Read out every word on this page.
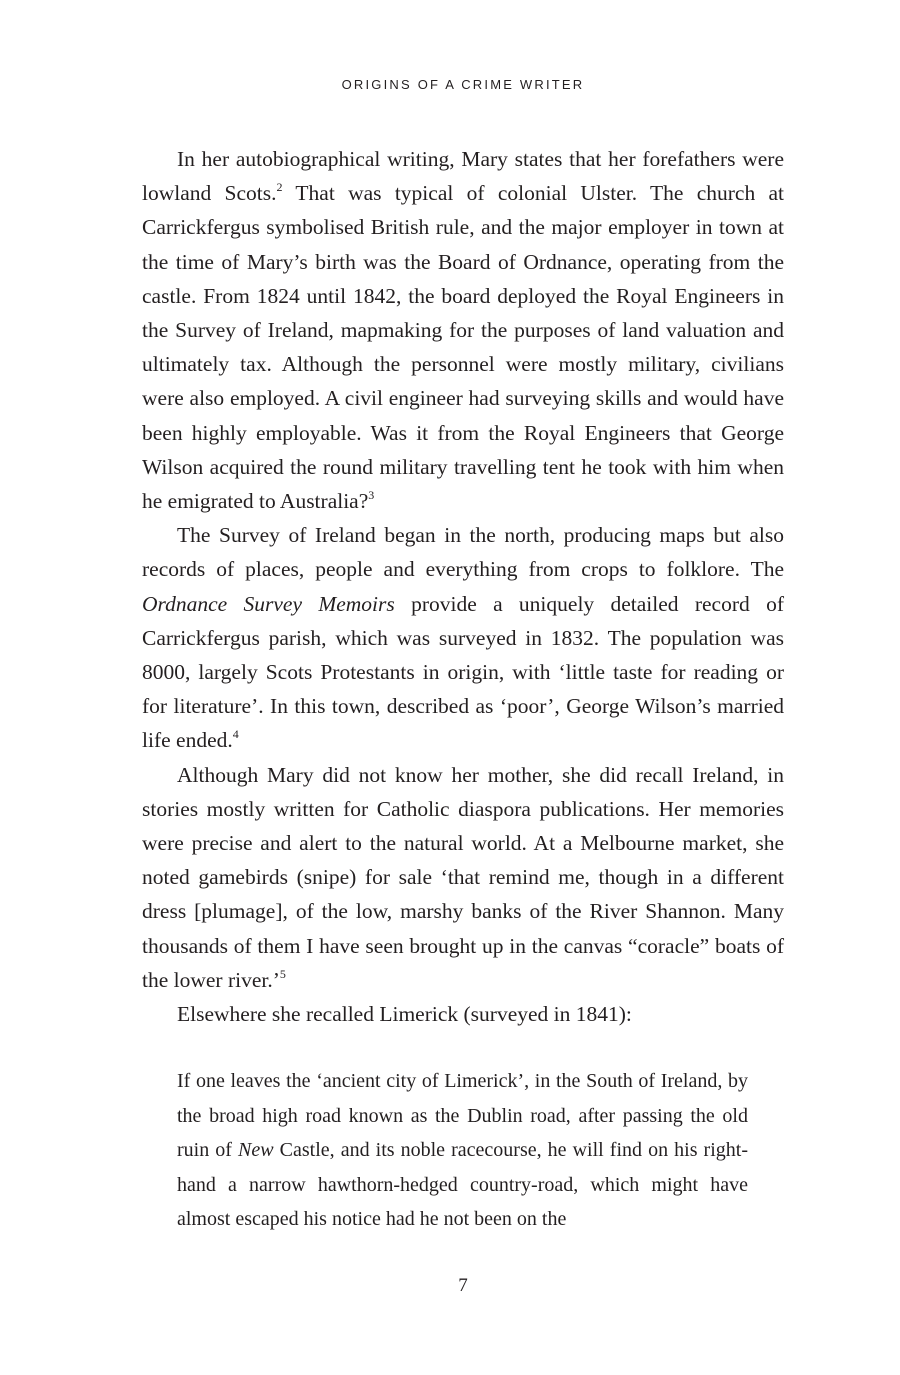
ORIGINS OF A CRIME WRITER

In her autobiographical writing, Mary states that her forefathers were lowland Scots.$^2$ That was typical of colonial Ulster. The church at Carrickfergus symbolised British rule, and the major employer in town at the time of Mary’s birth was the Board of Ordnance, operating from the castle. From 1824 until 1842, the board deployed the Royal Engineers in the Survey of Ireland, mapmaking for the purposes of land valuation and ultimately tax. Although the personnel were mostly military, civilians were also employed. A civil engineer had surveying skills and would have been highly employable. Was it from the Royal Engineers that George Wilson acquired the round military travelling tent he took with him when he emigrated to Australia?$^3$

The Survey of Ireland began in the north, producing maps but also records of places, people and everything from crops to folklore. The Ordnance Survey Memoirs provide a uniquely detailed record of Carrickfergus parish, which was surveyed in 1832. The population was 8000, largely Scots Protestants in origin, with ‘little taste for reading or for literature’. In this town, described as ‘poor’, George Wilson’s married life ended.$^4$

Although Mary did not know her mother, she did recall Ireland, in stories mostly written for Catholic diaspora publications. Her memories were precise and alert to the natural world. At a Melbourne market, she noted gamebirds (snipe) for sale ‘that remind me, though in a different dress [plumage], of the low, marshy banks of the River Shannon. Many thousands of them I have seen brought up in the canvas “coracle” boats of the lower river.’$^5$

Elsewhere she recalled Limerick (surveyed in 1841):

If one leaves the ‘ancient city of Limerick’, in the South of Ireland, by the broad high road known as the Dublin road, after passing the old ruin of New Castle, and its noble racecourse, he will find on his right-hand a narrow hawthorn-hedged country-road, which might have almost escaped his notice had he not been on the

7
